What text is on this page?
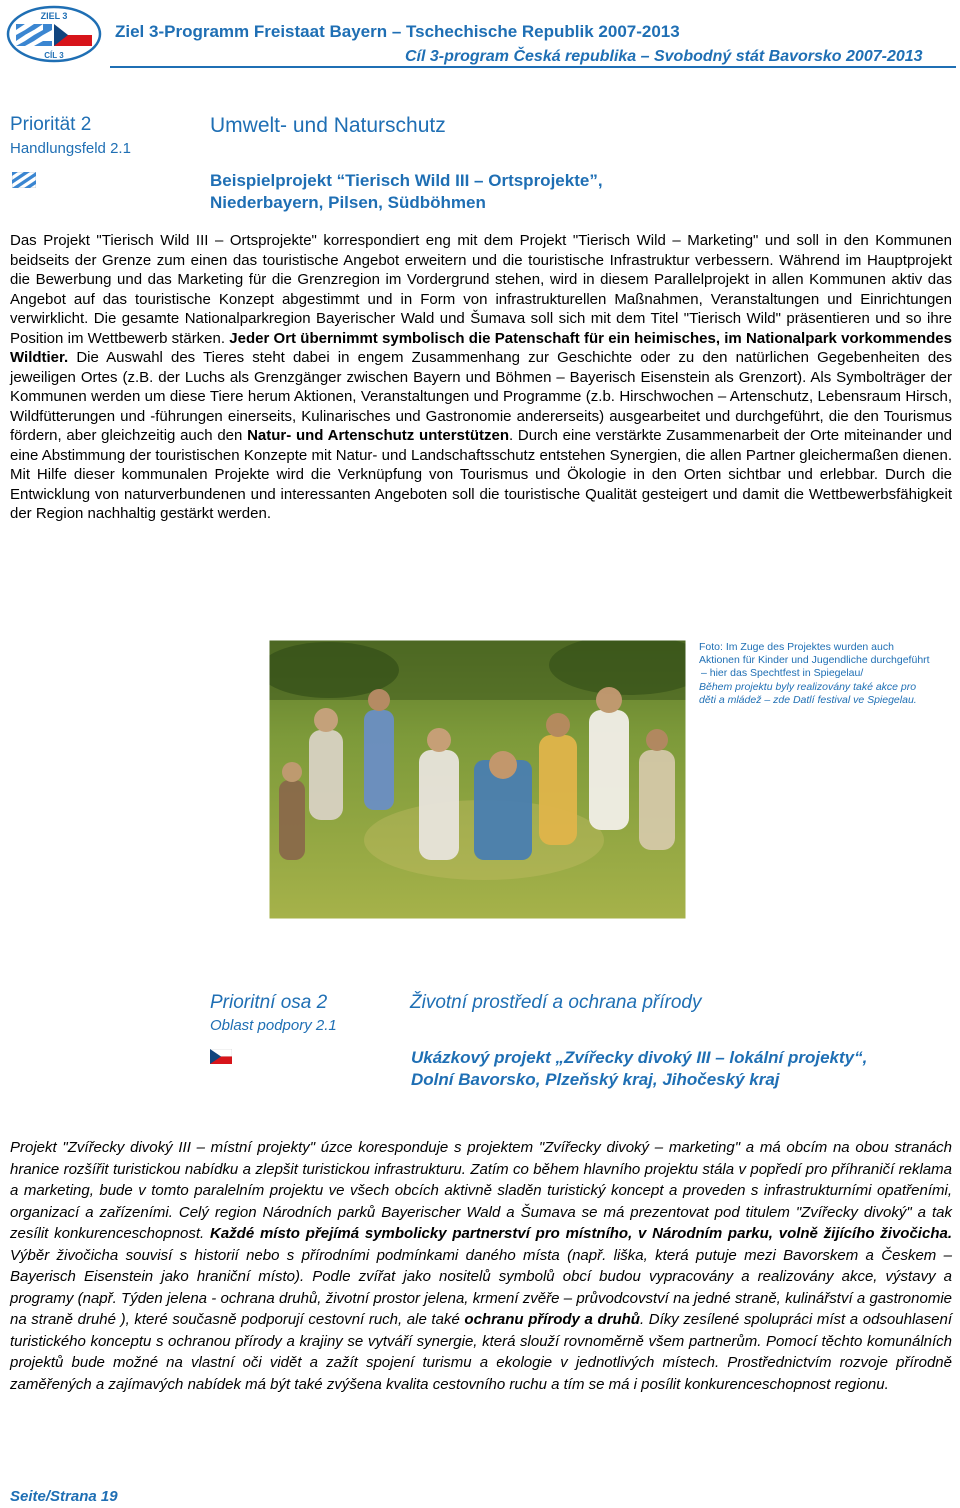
ZIEL 3
CÍL 3
Ziel 3-Programm Freistaat Bayern – Tschechische Republik 2007-2013
Cíl 3-program Česká republika – Svobodný stát Bavorsko 2007-2013
Priorität 2
Handlungsfeld 2.1
Umwelt- und Naturschutz
Beispielprojekt “Tierisch Wild III – Ortsprojekte”,
Niederbayern, Pilsen, Südböhmen

Das Projekt "Tierisch Wild III – Ortsprojekte" korrespondiert eng mit dem Projekt "Tierisch Wild – Marketing" und soll in den Kommunen beidseits der Grenze zum einen das touristische Angebot erweitern und die touristische Infrastruktur verbessern. Während im Hauptprojekt die Bewerbung und das Marketing für die Grenzregion im Vordergrund stehen, wird in diesem Parallelprojekt in allen Kommunen aktiv das Angebot auf das touristische Konzept abgestimmt und in Form von infrastrukturellen Maßnahmen, Veranstaltungen und Einrichtungen verwirklicht. Die gesamte Nationalparkregion Bayerischer Wald und Šumava soll sich mit dem Titel "Tierisch Wild" präsentieren und so ihre Position im Wettbewerb stärken. Jeder Ort übernimmt symbolisch die Patenschaft für ein heimisches, im Nationalpark vorkommendes Wildtier. Die Auswahl des Tieres steht dabei in engem Zusammenhang zur Geschichte oder zu den natürlichen Gegebenheiten des jeweiligen Ortes (z.B. der Luchs als Grenzgänger zwischen Bayern und Böhmen – Bayerisch Eisenstein als Grenzort). Als Symbolträger der Kommunen werden um diese Tiere herum Aktionen, Veranstaltungen und Programme (z.b. Hirschwochen – Artenschutz, Lebensraum Hirsch, Wildfütterungen und -führungen einerseits, Kulinarisches und Gastronomie andererseits) ausgearbeitet und durchgeführt, die den Tourismus fördern, aber gleichzeitig auch den Natur- und Artenschutz unterstützen. Durch eine verstärkte Zusammenarbeit der Orte miteinander und eine Abstimmung der touristischen Konzepte mit Natur- und Landschaftsschutz entstehen Synergien, die allen Partner gleichermaßen dienen. Mit Hilfe dieser kommunalen Projekte wird die Verknüpfung von Tourismus und Ökologie in den Orten sichtbar und erlebbar. Durch die Entwicklung von naturverbundenen und interessanten Angeboten soll die touristische Qualität gesteigert und damit die Wettbewerbsfähigkeit der Region nachhaltig gestärkt werden.

Foto: Im Zuge des Projektes wurden auch
Aktionen für Kinder und Jugendliche durchgeführt
– hier das Spechtfest in Spiegelau/
Během projektu byly realizovány také akce pro
děti a mládež – zde Datlí festival ve Spiegelau.
Prioritní osa 2
Oblast podpory 2.1
Životní prostředí a ochrana přírody
Ukázkový projekt „Zvířecky divoký III – lokální projekty“,
Dolní Bavorsko, Plzeňský kraj, Jihočeský kraj

Projekt "Zvířecky divoký III – místní projekty" úzce koresponduje s projektem "Zvířecky divoký – marketing" a má obcím na obou stranách hranice rozšířit turistickou nabídku a zlepšit turistickou infrastrukturu. Zatím co během hlavního projektu stála v popředí pro příhraničí reklama a marketing, bude v tomto paralelním projektu ve všech obcích aktivně sladěn turistický koncept a proveden s infrastrukturními opatřeními, organizací a zařízeními. Celý region Národních parků Bayerischer Wald a Šumava se má prezentovat pod titulem "Zvířecky divoký" a tak zesílit konkurenceschopnost. Každé místo přejímá symbolicky partnerství pro místního, v Národním parku, volně žijícího živočicha. Výběr živočicha souvisí s historií nebo s přírodními podmínkami daného místa (např. liška, která putuje mezi Bavorskem a Českem – Bayerisch Eisenstein jako hraniční místo). Podle zvířat jako nositelů symbolů obcí budou vypracovány a realizovány akce, výstavy a programy (např. Týden jelena - ochrana druhů, životní prostor jelena, krmení zvěře – průvodcovství na jedné straně, kulinářství a gastronomie na straně druhé ), které současně podporují cestovní ruch, ale také ochranu přírody a druhů. Díky zesílené spolupráci míst a odsouhlasení turistického konceptu s ochranou přírody a krajiny se vytváří synergie, která slouží rovnoměrně všem partnerům. Pomocí těchto komunálních projektů bude možné na vlastní oči vidět a zažít spojení turismu a ekologie v jednotlivých místech. Prostřednictvím rozvoje přírodně zaměřených a zajímavých nabídek má být také zvýšena kvalita cestovního ruchu a tím se má i posílit konkurenceschopnost regionu.

Seite/Strana 19
